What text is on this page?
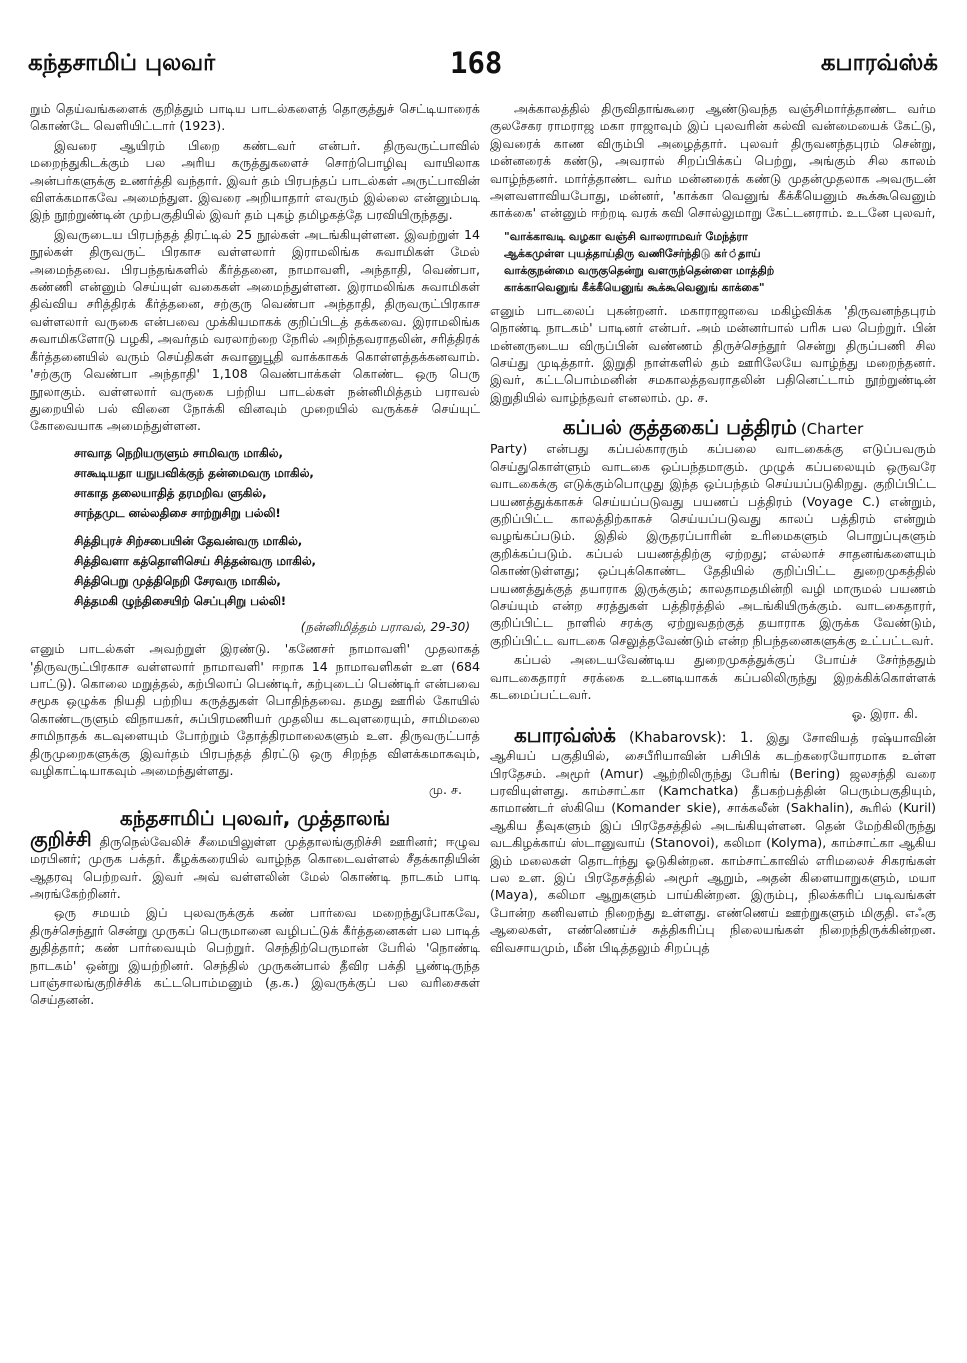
கந்தசாமிப் புலவர்	168	கபாரவ்ஸ்க்

றும் தெய்வங்களைக் குறித்தும் பாடிய பாடல்களைத் தொகுத்துச் செட்டியாரைக் கொண்டே வெளியிட்டார் (1923).

இவரை ஆயிரம் பிறை கண்டவர் என்பர். திருவருட்பாவில் மறைந்துகிடக்கும் பல அரிய கருத்துகளைச் சொற்பொழிவு வாயிலாக அன்பர்களுக்கு உணர்த்தி வந்தார். இவர் தம் பிரபந்தப் பாடல்கள் அருட்பாவின் விளக்கமாகவே அமைந்துள. இவரை அறியாதார் எவரும் இல்லை என்னும்படி இந் நூற்றுண்டின் முற்பகுதியில் இவர் தம் புகழ் தமிழகத்தே பரவியிருந்தது.

இவருடைய பிரபந்தத் திரட்டில் 25 நூல்கள் அடங்கியுள்ளன. இவற்றுள் 14 நூல்கள் திருவருட் பிரகாச வள்ளலார் இராமலிங்க சுவாமிகள் மேல் அமைந்தவை. பிரபந்தங்களில் கீர்த்தனை, நாமாவளி, அந்தாதி, வெண்பா, கண்ணி என்னும் செய்யுள் வகைகள் அமைந்துள்ளன. இராமலிங்க சுவாமிகள் திவ்விய சரித்திரக் கீர்த்தனை, சற்குரு வெண்பா அந்தாதி, திருவருட்பிரகாச வள்ளலார் வருகை என்பவை முக்கியமாகக் குறிப்பிடத் தக்கவை. இராமலிங்க சுவாமிகளோடு பழகி, அவர்தம் வரலாற்றை நேரில் அறிந்தவராதலின், சரித்திரக் கீர்த்தனையில் வரும் செய்திகள் சுவானுபூதி வாக்காகக் கொள்ளத்தக்கனவாம். 'சற்குரு வெண்பா அந்தாதி' 1,108 வெண்பாக்கள் கொண்ட ஒரு பெரு நூலாகும். வள்ளலார் வருகை பற்றிய பாடல்கள் நன்னிமித்தம் பராவல் துறையில் பல் வினை நோக்கி வினவும் முறையில் வருக்கச் செய்யுட் கோவையாக அமைந்துள்ளன.

சாவாத நெறியருளும் சாமிவரு மாகில்,
சாகூடியதா யநுபவிக்குந் தன்மைவரு மாகில்,
சாகாத தலையாதித் தரமறிவ ளுகில்,
சாந்தமுட னல்லதிசை சாற்றுசிறு பல்லி!
சித்திபுரச் சிற்சபையின் தேவன்வரு மாகில்,
சித்திவளா கத்தொளிசெய் சித்தன்வரு மாகில்,
சித்திபெறு முத்திநெறி சேரவரு மாகில்,
சித்தமகி ழுந்திசையிற் செப்புசிறு பல்லி!
(நன்னிமித்தம் பராவல், 29-30)

எனும் பாடல்கள் அவற்றுள் இரண்டு. 'கணேசர் நாமாவளி' முதலாகத் 'திருவருட்பிரகாச வள்ளலார் நாமாவளி' ஈறாக 14 நாமாவளிகள் உள (684 பாட்டு). கொலை மறுத்தல், கற்பிலாப் பெண்டிர், கற்புடைப் பெண்டிர் என்பவை சமூக ஒழுக்க நியதி பற்றிய கருத்துகள் பொதிந்தவை. தமது ஊரில் கோயில் கொண்டருளும் விநாயகர், சுப்பிரமணியர் முதலிய கடவுளரையும், சாமிமலை சாமிநாதக் கடவுளையும் போற்றும் தோத்திரமாலைகளும் உள. திருவருட்பாத் திருமுறைகளுக்கு இவர்தம் பிரபந்தத் திரட்டு ஒரு சிறந்த விளக்கமாகவும், வழிகாட்டியாகவும் அமைந்துள்ளது.

மு. ச.
கந்தசாமிப் புலவர், முத்தாலங்

குறிச்சி திருநெல்வேலிச் சீமையிலுள்ள முத்தாலங்குறிச்சி ஊரினர்; ஈழுவ மரபினர்; முருக பக்தர். கீழக்கரையில் வாழ்ந்த கொடைவள்ளல் சீதக்காதியின் ஆதரவு பெற்றவர். இவர் அவ் வள்ளலின் மேல் கொண்டி நாடகம் பாடி அரங்கேற்றினர்.

ஒரு சமயம் இப் புலவருக்குக் கண் பார்வை மறைந்துபோகவே, திருச்செந்தூர் சென்று முருகப் பெருமானை வழிபட்டுக் கீர்த்தனைகள் பல பாடித் துதித்தார்; கண் பார்வையும் பெற்றுர். செந்திற்பெருமான் பேரில் 'நொண்டி நாடகம்' ஒன்று இயற்றினர். செந்தில் முருகன்பால் தீவிர பக்தி பூண்டிருந்த பாஞ்சாலங்குறிச்சிக் கட்டபொம்மனும் (த.க.) இவருக்குப் பல வரிசைகள் செய்தனன்.

அக்காலத்தில் திருவிதாங்கூரை ஆண்டுவந்த வஞ்சிமார்த்தாண்ட வர்ம குலசேகர ராமராஜ மகா ராஜாவும் இப் புலவரின் கல்வி வன்மையைக் கேட்டு, இவரைக் காண விரும்பி அழைத்தார். புலவர் திருவனந்தபுரம் சென்று, மன்னரைக் கண்டு, அவரால் சிறப்பிக்கப் பெற்று, அங்கும் சில காலம் வாழ்ந்தனர். மார்த்தாண்ட வர்ம மன்னரைக் கண்டு முதன்முதலாக அவருடன் அளவளாவியபோது, மன்னர், 'காக்கா வெனுங் கீக்கீயெனும் கூக்கூவெனும் காக்கை' என்னும் ஈற்றடி வரக் கவி சொல்லுமாறு கேட்டனராம். உடனே புலவர்,

"வாக்காவடி வழகா வஞ்சி வாலராமவர் மேந்த்ரா
ஆக்கமுள்ள புயத்தாய்திரு வணிசேர்ந்திடு கா்்தாய்
வாக்குநன்மை வருகுதென்று வளருந்தென்ளை மாத்திற்
காக்காவெனுங் கீக்கீயெனுங் கூக்கூவெனுங் காக்கை"

எனும் பாடலைப் புகன்றனர். மகாராஜாவை மகிழ்விக்க 'திருவனந்தபுரம் நொண்டி நாடகம்' பாடினர் என்பர். அம் மன்னர்பால் பரிசு பல பெற்றுர். பின் மன்னருடைய விருப்பின் வண்ணம் திருச்செந்தூர் சென்று திருப்பணி சில செய்து முடித்தார். இறுதி நாள்களில் தம் ஊரிலேயே வாழ்ந்து மறைந்தனர். இவர், கட்டபொம்மனின் சமகாலத்தவராதலின் பதினெட்டாம் நூற்றுண்டின் இறுதியில் வாழ்ந்தவர் எனலாம். மு. ச.

கப்பல் குத்தகைப் பத்திரம் (Charter

Party) என்பது கப்பல்காரரும் கப்பலை வாடகைக்கு எடுப்பவரும் செய்துகொள்ளும் வாடகை ஒப்பந்தமாகும். முழுக் கப்பலையும் ஒருவரே வாடகைக்கு எடுக்கும்பொழுது இந்த ஒப்பந்தம் செய்யப்படுகிறது. குறிப்பிட்ட பயணத்துக்காகச் செய்யப்படுவது பயணப் பத்திரம் (Voyage C.) என்றும், குறிப்பிட்ட காலத்திற்காகச் செய்யப்படுவது காலப் பத்திரம் என்றும் வழங்கப்படும். இதில் இருதரப்பாரின் உரிமைகளும் பொறுப்புகளும் குறிக்கப்படும். கப்பல் பயணத்திற்கு ஏற்றது; எல்லாச் சாதனங்களையும் கொண்டுள்ளது; ஒப்புக்கொண்ட தேதியில் குறிப்பிட்ட துறைமுகத்தில் பயணத்துக்குத் தயாராக இருக்கும்; காலதாமதமின்றி வழி மாருமல் பயணம் செய்யும் என்ற சரத்துகள் பத்திரத்தில் அடங்கியிருக்கும். வாடகைதாரர், குறிப்பிட்ட நாளில் சரக்கு ஏற்றுவதற்குத் தயாராக இருக்க வேண்டும், குறிப்பிட்ட வாடகை செலுத்தவேண்டும் என்ற நிபந்தனைகளுக்கு உட்பட்டவர்.

கப்பல் அடையவேண்டிய துறைமுகத்துக்குப் போய்ச் சேர்ந்ததும் வாடகைதாரர் சரக்கை உடனடியாகக் கப்பலிலிருந்து இறக்கிக்கொள்ளக் கடமைப்பட்டவர்.

ஓ. இரா. கி.

கபாரவ்ஸ்க் (Khabarovsk): 1. இது சோவியத் ரஷ்யாவின் ஆசியப் பகுதியில், சைபீரியாவின் பசிபிக் கடற்கரையோரமாக உள்ள பிரதேசம். அமூர் (Amur) ஆற்றிலிருந்து பேரிங் (Bering) ஜலசந்தி வரை பரவியுள்ளது. காம்சாட்கா (Kamchatka) தீபகற்பத்தின் பெரும்பகுதியும், காமாண்டர் ஸ்கியெ (Komander skie), சாக்கலீன் (Sakhalin), கூரில் (Kuril) ஆகிய தீவுகளும் இப் பிரதேசத்தில் அடங்கியுள்ளன. தென் மேற்கிலிருந்து வடகிழக்காய் ஸ்டானுவாய் (Stanovoi), கலிமா (Kolyma), காம்சாட்கா ஆகிய இம் மலைகள் தொடர்ந்து ஓடுகின்றன. காம்சாட்காவில் எரிமலைச் சிகரங்கள் பல உள. இப் பிரதேசத்தில் அமூர் ஆறும், அதன் கிளையாறுகளும், மயா (Maya), கலிமா ஆறுகளும் பாய்கின்றன. இரும்பு, நிலக்கரிப் படிவங்கள் போன்ற கனிவளம் நிறைந்து உள்ளது. எண்ணெய் ஊற்றுகளும் மிகுதி. எஃகு ஆலைகள், எண்ணெய்ச் சுத்திகரிப்பு நிலையங்கள் நிறைந்திருக்கின்றன. விவசாயமும், மீன் பிடித்தலும் சிறப்புத்
